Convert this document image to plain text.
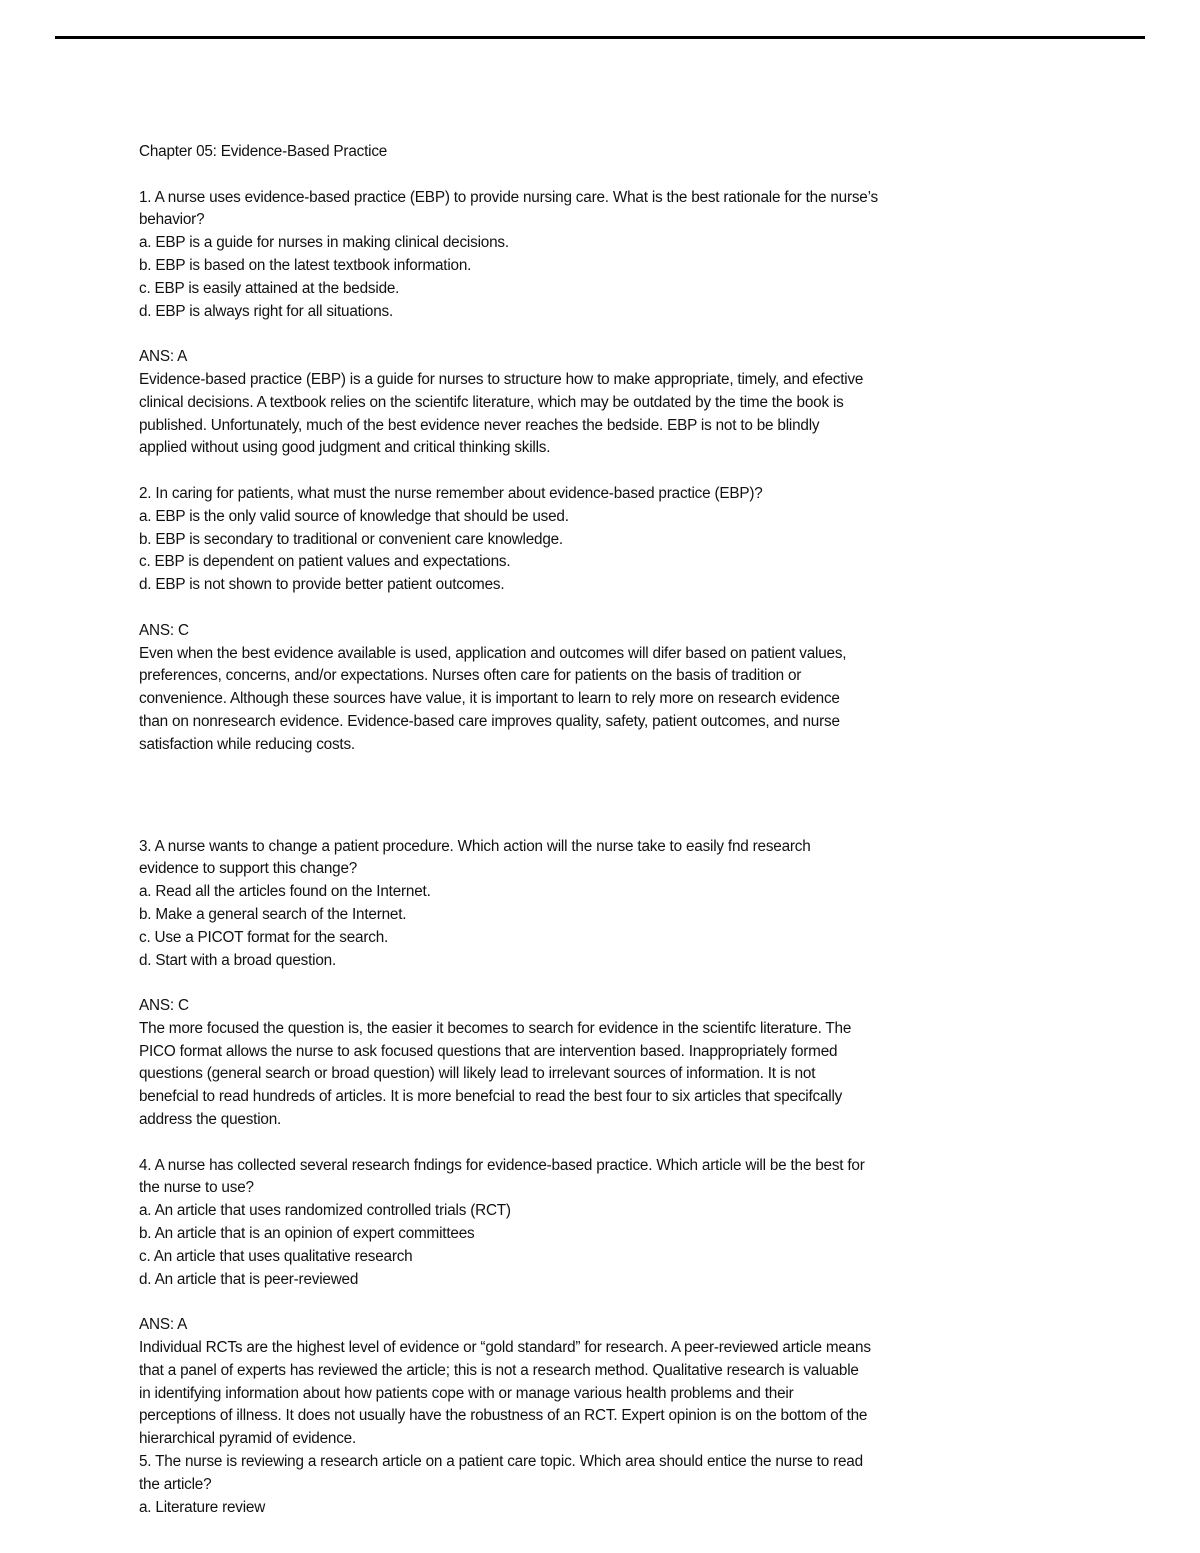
Chapter 05: Evidence-Based Practice
1. A nurse uses evidence-based practice (EBP) to provide nursing care. What is the best rationale for the nurse’s
behavior?
a. EBP is a guide for nurses in making clinical decisions.
b. EBP is based on the latest textbook information.
c. EBP is easily attained at the bedside.
d. EBP is always right for all situations.
ANS: A
Evidence-based practice (EBP) is a guide for nurses to structure how to make appropriate, timely, and efective
clinical decisions. A textbook relies on the scientifc literature, which may be outdated by the time the book is
published. Unfortunately, much of the best evidence never reaches the bedside. EBP is not to be blindly
applied without using good judgment and critical thinking skills.
2. In caring for patients, what must the nurse remember about evidence-based practice (EBP)?
a. EBP is the only valid source of knowledge that should be used.
b. EBP is secondary to traditional or convenient care knowledge.
c. EBP is dependent on patient values and expectations.
d. EBP is not shown to provide better patient outcomes.
ANS: C
Even when the best evidence available is used, application and outcomes will difer based on patient values,
preferences, concerns, and/or expectations. Nurses often care for patients on the basis of tradition or
convenience. Although these sources have value, it is important to learn to rely more on research evidence
than on nonresearch evidence. Evidence-based care improves quality, safety, patient outcomes, and nurse
satisfaction while reducing costs.
3. A nurse wants to change a patient procedure. Which action will the nurse take to easily fnd research
evidence to support this change?
a. Read all the articles found on the Internet.
b. Make a general search of the Internet.
c. Use a PICOT format for the search.
d. Start with a broad question.
ANS: C
The more focused the question is, the easier it becomes to search for evidence in the scientifc literature. The
PICO format allows the nurse to ask focused questions that are intervention based. Inappropriately formed
questions (general search or broad question) will likely lead to irrelevant sources of information. It is not
benefcial to read hundreds of articles. It is more benefcial to read the best four to six articles that specifcally
address the question.
4. A nurse has collected several research fndings for evidence-based practice. Which article will be the best for
the nurse to use?
a. An article that uses randomized controlled trials (RCT)
b. An article that is an opinion of expert committees
c. An article that uses qualitative research
d. An article that is peer-reviewed
ANS: A
Individual RCTs are the highest level of evidence or “gold standard” for research. A peer-reviewed article means
that a panel of experts has reviewed the article; this is not a research method. Qualitative research is valuable
in identifying information about how patients cope with or manage various health problems and their
perceptions of illness. It does not usually have the robustness of an RCT. Expert opinion is on the bottom of the
hierarchical pyramid of evidence.
5. The nurse is reviewing a research article on a patient care topic. Which area should entice the nurse to read
the article?
a. Literature review
